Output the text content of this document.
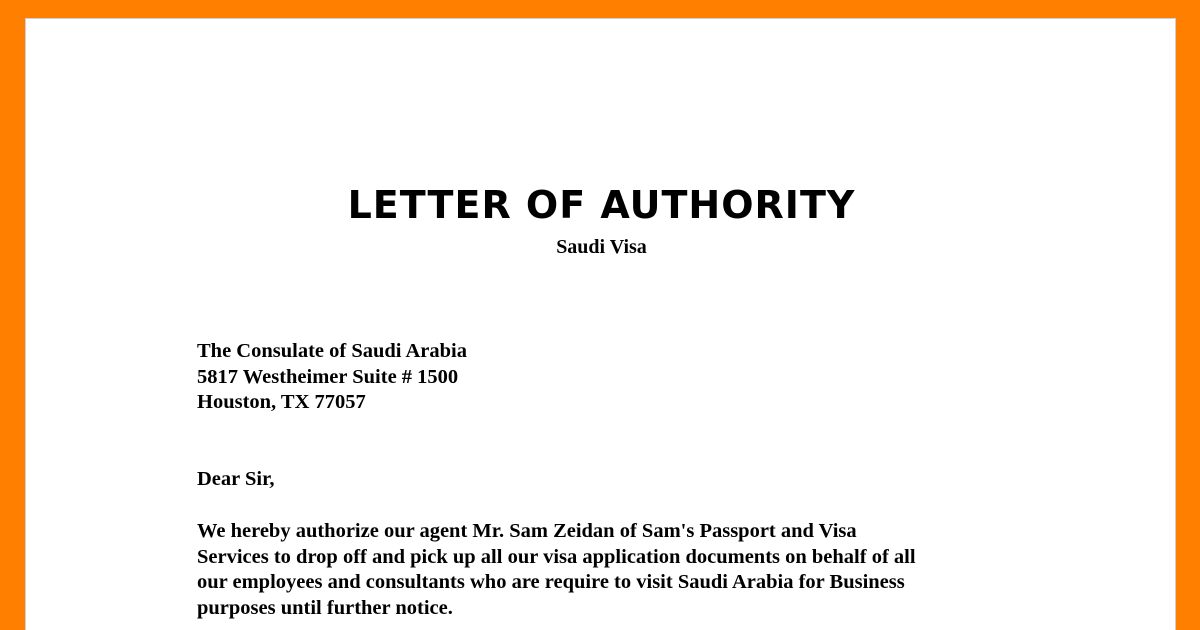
LETTER OF AUTHORITY
Saudi Visa
The Consulate of Saudi Arabia
5817 Westheimer Suite # 1500
Houston, TX 77057
Dear Sir,
We hereby authorize our agent Mr. Sam Zeidan of Sam's Passport and Visa
Services to drop off and pick up all our visa application documents on behalf of all
our employees and consultants who are require to visit Saudi Arabia for Business
purposes until further notice.
